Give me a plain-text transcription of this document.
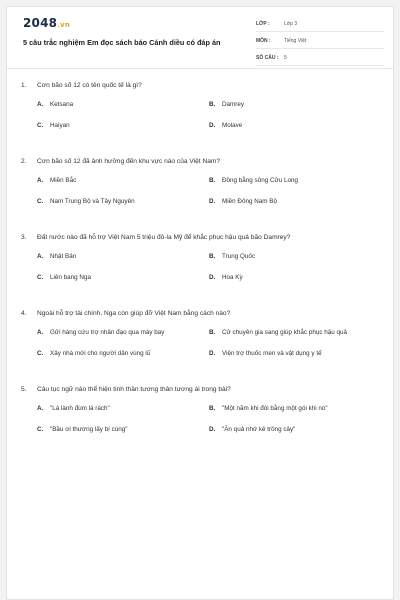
2048.vn
5 câu trắc nghiệm Em đọc sách báo Cánh diều có đáp án
LỚP :	Lớp 3
MÔN :	Tiếng Việt
SỐ CÂU :	5
1.	Cơn bão số 12 có tên quốc tế là gì?
A.	Ketsana	B.	Damrey
C.	Haiyan	D.	Molave
2.	Cơn bão số 12 đã ảnh hưởng đến khu vực nào của Việt Nam?
A.	Miền Bắc	B.	Đồng bằng sông Cửu Long
C.	Nam Trung Bộ và Tây Nguyên	D.	Miền Đông Nam Bộ
3.	Đất nước nào đã hỗ trợ Việt Nam 5 triệu đô-la Mỹ để khắc phục hậu quả bão Damrey?
A.	Nhật Bản	B.	Trung Quốc
C.	Liên bang Nga	D.	Hoa Kỳ
4.	Ngoài hỗ trợ tài chính, Nga còn giúp đỡ Việt Nam bằng cách nào?
A.	Gửi hàng cứu trợ nhân đạo qua máy bay	B.	Cử chuyên gia sang giúp khắc phục hậu quả
C.	Xây nhà mới cho người dân vùng lũ	D.	Viện trợ thuốc men và vật dụng y tế
5.	Câu tục ngữ nào thể hiện tinh thần tương thân tương ái trong bài?
A.	"Lá lành đùm lá rách"	B.	"Một năm khi đói bằng một gói khi no"
C.	"Bầu ơi thương lấy bí cùng"	D.	"Ăn quả nhớ kẻ trồng cây"
